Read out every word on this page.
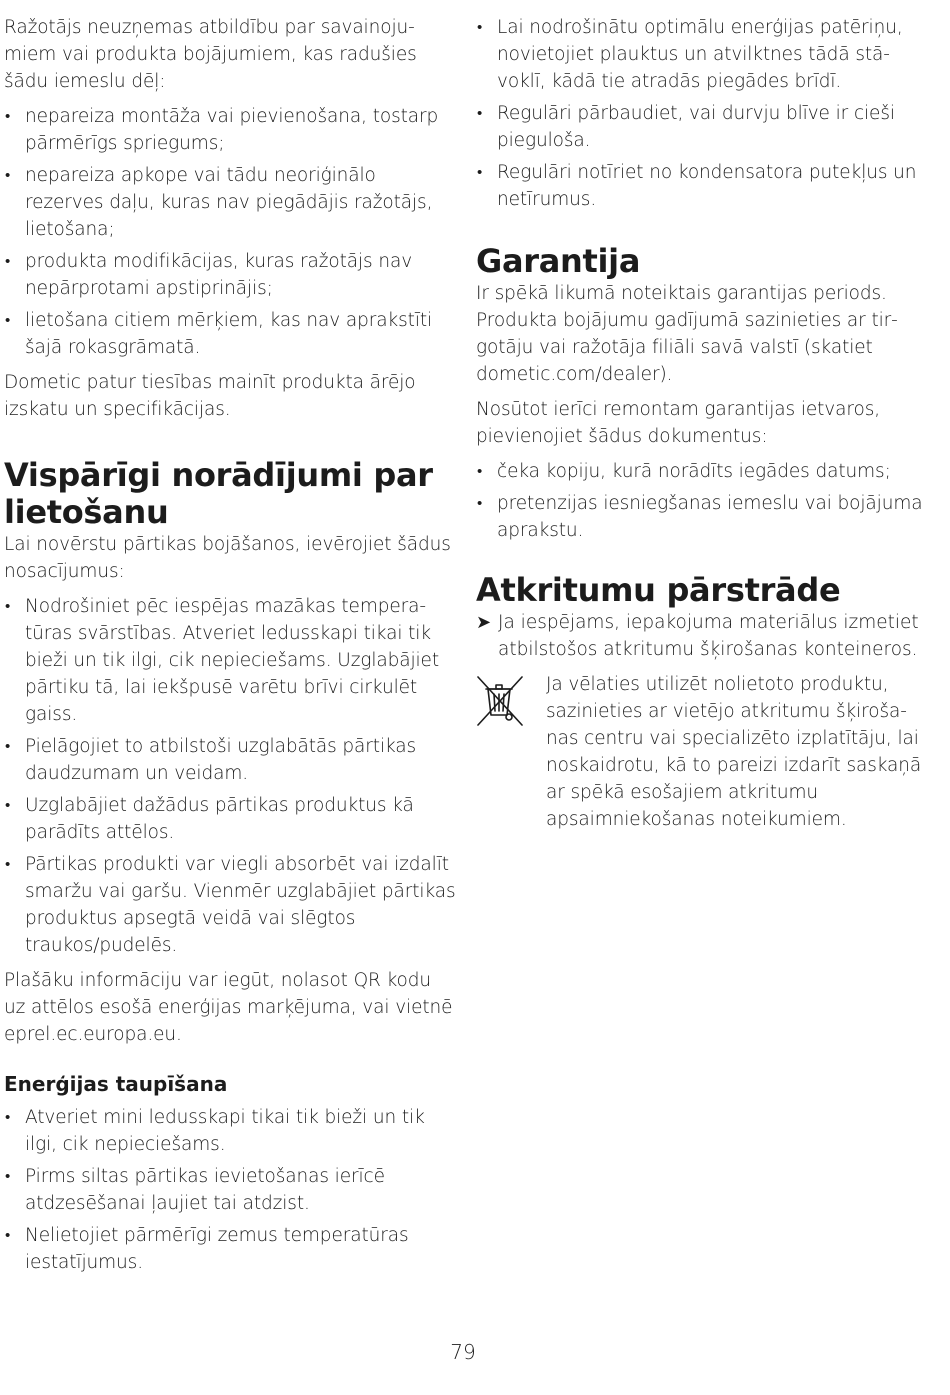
Ražotājs neuzņemas atbildību par savainojumiem vai produkta bojājumiem, kas radušies šādu iemeslu dēļ:

• nepareiza montāža vai pievienošana, tostarp pārmērīgs spriegums;
• nepareiza apkope vai tādu neoriģinālo rezerves daļu, kuras nav piegādājis ražotājs, lietošana;
• produkta modifikācijas, kuras ražotājs nav nepārprotami apstiprinājis;
• lietošana citiem mērķiem, kas nav aprakstīti šajā rokasgrāmatā.

Dometic patur tiesības mainīt produkta ārējo izskatu un specifikācijas.

Vispārīgi norādījumi par lietošanu

Lai novērstu pārtikas bojāšanos, ievērojiet šādus nosacījumus:

• Nodrošiniet pēc iespējas mazākas temperatūras svārstības. Atveriet ledusskapi tikai tik bieži un tik ilgi, cik nepieciešams. Uzglabājiet pārtiku tā, lai iekšpusē varētu brīvi cirkulēt gaiss.
• Pielāgojiet to atbilstoši uzglabātās pārtikas daudzumam un veidam.
• Uzglabājiet dažādus pārtikas produktus kā parādīts attēlos.
• Pārtikas produkti var viegli absorbēt vai izdalīt smaržu vai garšu. Vienmēr uzglabājiet pārtikas produktus apsegtā veidā vai slēgtos traukos/pudelēs.

Plašāku informāciju var iegūt, nolasot QR kodu uz attēlos esošā enerģijas marķējuma, vai vietnē eprel.ec.europa.eu.

Enerģijas taupīšana
• Atveriet mini ledusskapi tikai tik bieži un tik ilgi, cik nepieciešams.
• Pirms siltas pārtikas ievietošanas ierīcē atdzesēšanai ļaujiet tai atdzist.
• Nelietojiet pārmērīgi zemus temperatūras iestatījumus.
• Lai nodrošinātu optimālu enerģijas patēriņu, novietojiet plauktus un atvilktnes tādā stāvoklī, kādā tie atradās piegādes brīdī.
• Regulāri pārbaudiet, vai durvju blīve ir cieši pieguloša.
• Regulāri notīriet no kondensatora putekļus un netīrumus.
Garantija

Ir spēkā likumā noteiktais garantijas periods. Produkta bojājumu gadījumā sazinieties ar tirgotāju vai ražotāja filiāli savā valstī (skatiet dometic.com/dealer).

Nosūtot ierīci remontam garantijas ietvaros, pievienojiet šādus dokumentus:

• čeka kopiju, kurā norādīts iegādes datums;
• pretenzijas iesniegšanas iemeslu vai bojājuma aprakstu.
Atkritumu pārstrāde
➤ Ja iespējams, iepakojuma materiālus izmetiet atbilstošos atkritumu šķirošanas konteineros.

Ja vēlaties utilizēt nolietoto produktu, sazinieties ar vietējo atkritumu šķirošanas centru vai specializēto izplatītāju, lai noskaidrotu, kā to pareizi izdarīt saskaņā ar spēkā esošajiem atkritumu apsaimniekošanas noteikumiem.

79
